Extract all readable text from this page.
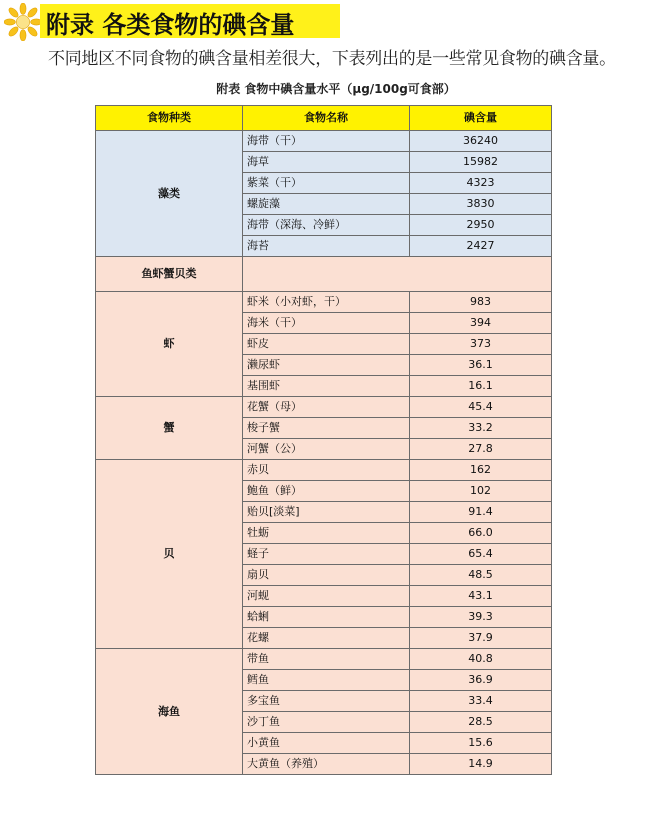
附录 各类食物的碘含量
不同地区不同食物的碘含量相差很大，下表列出的是一些常见食物的碘含量。
附表 食物中碘含量水平（μg/100g可食部）
食物种类	食物名称	碘含量
藻类	海带（干）	36240
	海草	15982
	紫菜（干）	4323
	螺旋藻	3830
	海带（深海、冷鲜）	2950
	海苔	2427
鱼虾蟹贝类		
虾	虾米（小对虾，干）	983
	海米（干）	394
	虾皮	373
	濑尿虾	36.1
	基围虾	16.1
蟹	花蟹（母）	45.4
	梭子蟹	33.2
	河蟹（公）	27.8
贝	赤贝	162
	鲍鱼（鲜）	102
	贻贝[淡菜]	91.4
	牡蛎	66.0
	蛏子	65.4
	扇贝	48.5
	河蚬	43.1
	蛤蜊	39.3
	花螺	37.9
海鱼	带鱼	40.8
	鳕鱼	36.9
	多宝鱼	33.4
	沙丁鱼	28.5
	小黄鱼	15.6
	大黄鱼（养殖）	14.9
